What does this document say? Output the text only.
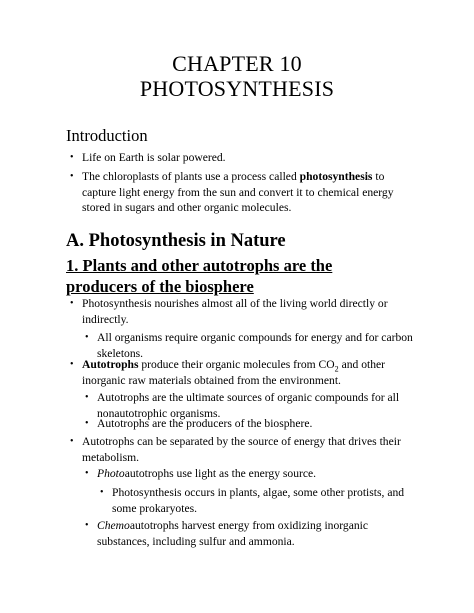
CHAPTER 10
PHOTOSYNTHESIS
Introduction
• Life on Earth is solar powered.
• The chloroplasts of plants use a process called photosynthesis to capture light energy from the sun and convert it to chemical energy stored in sugars and other organic molecules.
A. Photosynthesis in Nature
1. Plants and other autotrophs are the producers of the biosphere
• Photosynthesis nourishes almost all of the living world directly or indirectly.
• All organisms require organic compounds for energy and for carbon skeletons.
• Autotrophs produce their organic molecules from $CO_2$ and other inorganic raw materials obtained from the environment.
• Autotrophs are the ultimate sources of organic compounds for all nonautotrophic organisms.
• Autotrophs are the producers of the biosphere.
• Autotrophs can be separated by the source of energy that drives their metabolism.
• Photoautotrophs use light as the energy source.
• Photosynthesis occurs in plants, algae, some other protists, and some prokaryotes.
• Chemoautotrophs harvest energy from oxidizing inorganic substances, including sulfur and ammonia.
